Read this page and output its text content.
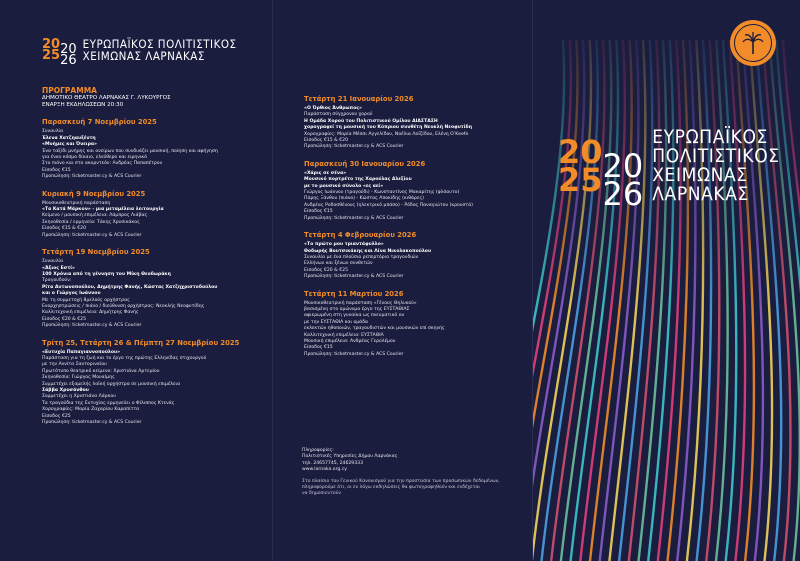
20 20
25 26
ΕΥΡΩΠΑΪΚΟΣ ΠΟΛΙΤΙΣΤΙΚΟΣ
ΧΕΙΜΩΝΑΣ ΛΑΡΝΑΚΑΣ
ΠΡΟΓΡΑΜΜΑ
ΔΗΜΟΤΙΚΟ ΘΕΑΤΡΟ ΛΑΡΝΑΚΑΣ Γ. ΛΥΚΟΥΡΓΟΣ
ΕΝΑΡΞΗ ΕΚΔΗΛΩΣΕΩΝ 20:30
Παρασκευή 7 Νοεμβρίου 2025
Συναυλία
Έλενα Χατζηαυξέντη
«Μνήμες και Όνειρα»
Ένα ταξίδι μνήμης και ονείρων που συνδυάζει μουσική, ποίηση και αφήγηση
για έναν κόσμο δίκαιο, ελεύθερο και ειρηνικό
Στο πιάνο και στο ακορντεόν: Ανδρέας Παπαπέτρου
Είσοδος €15
Προπώληση: ticketmaster.cy & ACS Courier
Κυριακή 9 Νοεμβρίου 2025
Μουσικοθεατρική παράσταση
«Τα Κατά Μάρκον» - μια μεταμέλεια λειτουργία
Κείμενο / μουσική επιμέλεια: Λάμπρος Λιάβας
Σκηνοθεσία / ερμηνεία: Τάκης Χρυσικάκος
Είσοδος €15 & €20
Προπώληση: ticketmaster.cy & ACS Courier
Τετάρτη 19 Νοεμβρίου 2025
Συναυλία
«Άξιος Εστί»
100 Χρόνια από τη γέννηση του Μίκη Θεοδωράκη
Τραγουδούν:
Ρίτα Αντωνοπούλου, Δημήτρης Φανής, Κώστας Χατζηχριστοδούλου
και ο Γιώργος Ιωάννου
Με τη συμμετοχή 8μελούς ορχήστρας
Ενορχηστρώσεις / πιάνο / διεύθυνση ορχήστρας: Νεοκλής Νεοφυτίδης
Καλλιτεχνική επιμέλεια: Δημήτρης Φανής
Είσοδος €20 & €25
Προπώληση: ticketmaster.cy & ACS Courier
Τρίτη 25, Τετάρτη 26 & Πέμπτη 27 Νοεμβρίου 2025
«Ευτυχία Παπαγιαννοπούλου»
Παράσταση για τη ζωή και το έργο της πρώτης Ελληνίδας στιχουργού
με την Αννίτα Σαντοριναίου
Πρωτότυπο θεατρικό κείμενο: Χριστιάνα Αρτεμίου
Σκηνοθεσία: Γιώργος Μουαίμης
Συμμετέχει εξαμελής λαϊκή ορχήστρα σε μουσική επιμέλεια
Σάββα Χρυσάνθου
Συμμετέχει η Χριστιάνα Λάρκου
Τα τραγούδια της Ευτυχίας ερμηνεύει ο Φίλιππος Κτενάς
Χορογραφίες: Μαρία Ζαχαρίου Καραπίττα
Είσοδος €25
Προπώληση: ticketmaster.cy & ACS Courier
Τετάρτη 21 Ιανουαρίου 2026
«Ο Όρθιος Άνθρωπος»
Παράσταση σύγχρονου χορού
Η Ομάδα Χορού του Πολιτιστικού Ομίλου ΔΙΑΣΤΑΣΗ
χορογραφεί τη μουσική του Κύπριου συνθέτη Νεοκλή Νεοφυτίδη
Χορογραφίες: Μαρία Μέσσι Αγγελίδου, Νοέλια Λοϊζίδου, Ελένη Ο’Κeefe
Είσοδος €15 & €20
Προπώληση: ticketmaster.cy & ACS Courier
Παρασκευή 30 Ιανουαρίου 2026
«Χάρις σε σένα»
Μουσικό πορτρέτο της Χαρούλας Αλεξίου
με το μουσικό σύνολο «ες αεί»
Γιώργος Ιωάννου (τραγούδι) - Κωνσταντίνος Μακαρίτης (φλάουτο)
Πάρης Ξάνθου (πιάνο) - Κώστας Αποκίδης (κιθάρες)
Ανδρέας Ροδοσθένους (ηλεκτρικό μπάσο) - Ρόδος Παναγιώτου (κρουστά)
Είσοδος €15
Προπώληση: ticketmaster.cy & ACS Courier
Τετάρτη 4 Φεβρουαρίου 2026
«Το πρώτο μου τριαντάφυλλο»
Θοδωρής Βουτσικάκης και Λίνα Νικολακοπούλου
Συναυλία με ένα πλούσιο ρεπερτόριο τραγουδιών
Ελλήνων και ξένων συνθετών
Είσοδος €20 & €25
Προπώληση: ticketmaster.cy & ACS Courier
Τετάρτη 11 Μαρτίου 2026
Μουσικοθεατρική παράσταση «Γένους Θηλυκού»
βασισμένη στο ομώνυμο έργο της ΕΥΣΤΑΘΙΑΣ
αφιερωμένη στη γυναίκα ως πνευματικό ον
με την ΕΥΣΤΑΘΙΑ και ομάδα
εκλεκτών ηθοποιών, τραγουδιστών και μουσικών επί σκηνής
Καλλιτεχνική επιμέλεια: ΕΥΣΤΑΘΙΑ
Μουσική επιμέλεια: Ανδρέας Γερολέμου
Είσοδος €15
Προπώληση: ticketmaster.cy & ACS Courier
Πληροφορίες:
Πολιτιστικές Υπηρεσίες Δήμου Λαρνάκας
τηλ. 24657745, 24629333
www.larnaka.org.cy
Στο πλαίσιο του Γενικού Κανονισμού για την προστασία των προσωπικών δεδομένων,
πληροφορούμε ότι, οι εν λόγω εκδηλώσεις θα φωτογραφηθούν και ενδέχεται
να δημοσιευτούν
20 20
25 26
ΕΥΡΩΠΑΪΚΟΣ
ΠΟΛΙΤΙΣΤΙΚΟΣ
ΧΕΙΜΩΝΑΣ
ΛΑΡΝΑΚΑΣ
